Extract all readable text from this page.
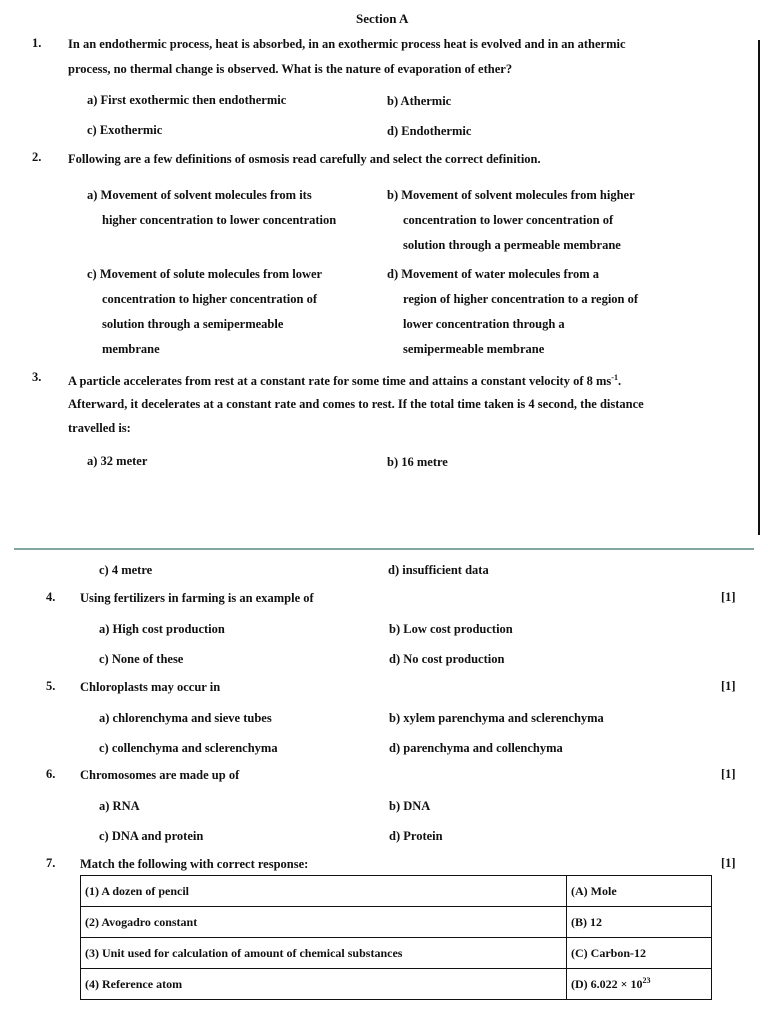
Section A
1. In an endothermic process, heat is absorbed, in an exothermic process heat is evolved and in an athermic
process, no thermal change is observed. What is the nature of evaporation of ether?
a) First exothermic then endothermic	b) Athermic
c) Exothermic	d) Endothermic
2. Following are a few definitions of osmosis read carefully and select the correct definition.
a) Movement of solvent molecules from its
higher concentration to lower concentration
b) Movement of solvent molecules from higher
concentration to lower concentration of
solution through a permeable membrane
c) Movement of solute molecules from lower
concentration to higher concentration of
solution through a semipermeable
membrane
d) Movement of water molecules from a
region of higher concentration to a region of
lower concentration through a
semipermeable membrane
3. A particle accelerates from rest at a constant rate for some time and attains a constant velocity of 8 $ms^{-1}$.
Afterward, it decelerates at a constant rate and comes to rest. If the total time taken is 4 second, the distance
travelled is:
a) 32 meter	b) 16 metre
c) 4 metre	d) insufficient data
4. Using fertilizers in farming is an example of	[1]
a) High cost production	b) Low cost production
c) None of these	d) No cost production
5. Chloroplasts may occur in	[1]
a) chlorenchyma and sieve tubes	b) xylem parenchyma and sclerenchyma
c) collenchyma and sclerenchyma	d) parenchyma and collenchyma
6. Chromosomes are made up of	[1]
a) RNA	b) DNA
c) DNA and protein	d) Protein
7. Match the following with correct response:	[1]
(1) A dozen of pencil	(A) Mole
(2) Avogadro constant	(B) 12
(3) Unit used for calculation of amount of chemical substances	(C) Carbon-12
(4) Reference atom	(D) $6.022 \times 10^{23}$
